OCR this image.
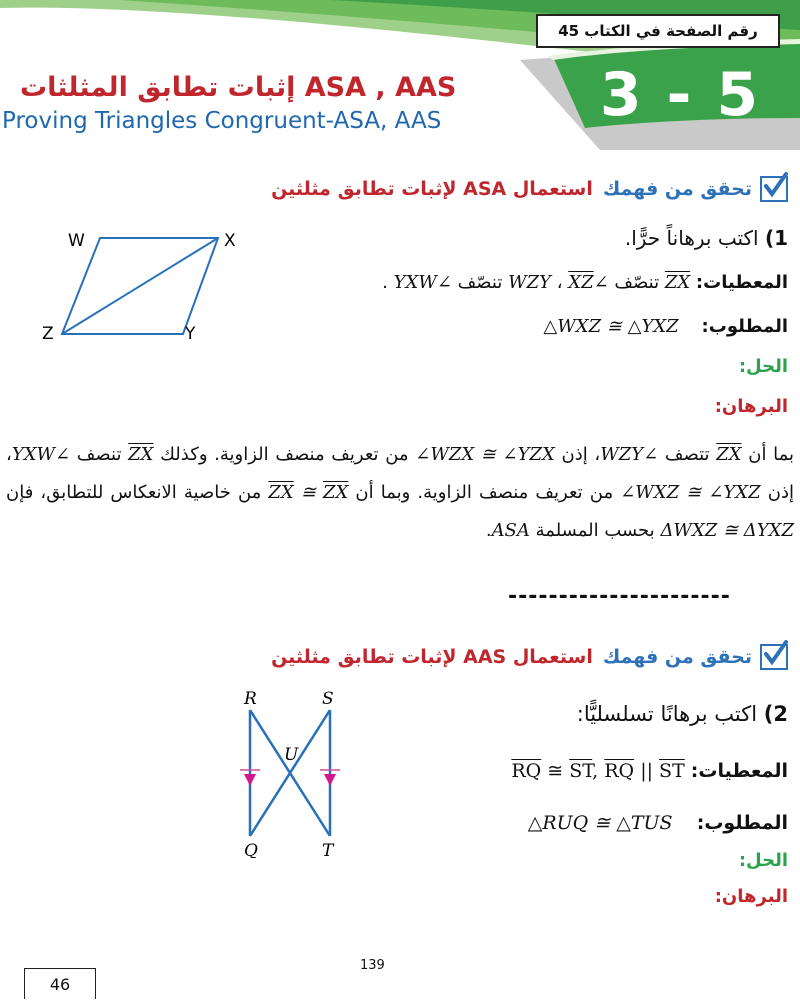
رقم الصفحة في الكتاب 45
3 - 5
إثبات تطابق المثلثات ASA , AAS
Proving Triangles Congruent-ASA, AAS
تحقق من فهمك
استعمال ASA لإثبات تطابق مثلثين
W	X
Y
Z
1) اكتب برهاناً حرًّا.
المعطيات: ZX تنصّف ∠WZY ، XZ تنصّف ∠YXW .
المطلوب:    △WXZ ≅ △YXZ
الحل:
البرهان:
بما أن ZX تتصف ∠WZY، إذن ∠WZX ≅ ∠YZX من تعريف منصف الزاوية. وكذلك ZX تنصف ∠YXW، إذن ∠WXZ ≅ ∠YXZ من تعريف منصف الزاوية. وبما أن $\overline{ZX}$ ≅ $\overline{ZX}$ من خاصية الانعكاس للتطابق، فإن ΔWXZ ≅ ΔYXZ بحسب المسلمة ASA.
----------------------
تحقق من فهمك
استعمال AAS لإثبات تطابق مثلثين
R	S
U
Q	T
2) اكتب برهانًا تسلسليًّا:
المعطيات: $\overline{RQ}$ ≅ $\overline{ST}$, $\overline{RQ}$ || $\overline{ST}$
المطلوب:    △RUQ ≅ △TUS
الحل:
البرهان:
139
46
